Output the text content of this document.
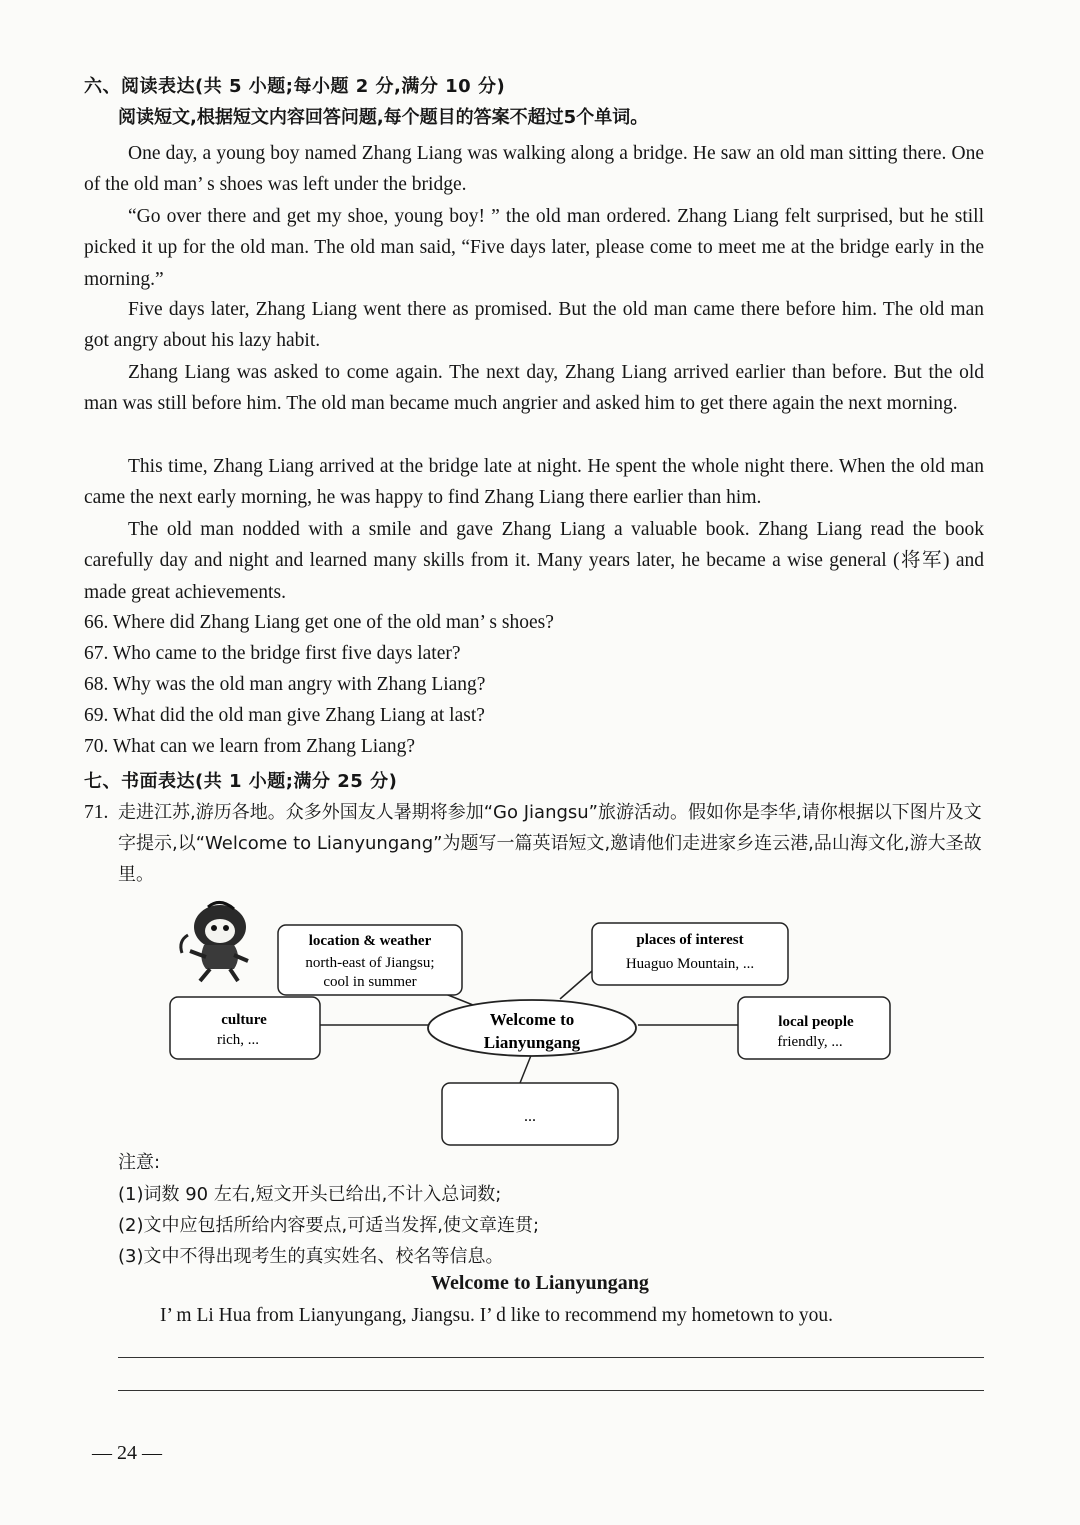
六、阅读表达(共 5 小题;每小题 2 分,满分 10 分)
阅读短文,根据短文内容回答问题,每个题目的答案不超过5个单词。

One day, a young boy named Zhang Liang was walking along a bridge. He saw an old man sitting there. One of the old man’ s shoes was left under the bridge.

“Go over there and get my shoe, young boy! ” the old man ordered. Zhang Liang felt surprised, but he still picked it up for the old man. The old man said, “Five days later, please come to meet me at the bridge early in the morning.”

Five days later, Zhang Liang went there as promised. But the old man came there before him. The old man got angry about his lazy habit.

Zhang Liang was asked to come again. The next day, Zhang Liang arrived earlier than before. But the old man was still before him. The old man became much angrier and asked him to get there again the next morning.

This time, Zhang Liang arrived at the bridge late at night. He spent the whole night there. When the old man came the next early morning, he was happy to find Zhang Liang there earlier than him.

The old man nodded with a smile and gave Zhang Liang a valuable book. Zhang Liang read the book carefully day and night and learned many skills from it. Many years later, he became a wise general (将军) and made great achievements.

66. Where did Zhang Liang get one of the old man’ s shoes?
67. Who came to the bridge first five days later?
68. Why was the old man angry with Zhang Liang?
69. What did the old man give Zhang Liang at last?
70. What can we learn from Zhang Liang?
七、书面表达(共 1 小题;满分 25 分)
71. 走进江苏,游历各地。众多外国友人暑期将参加“Go Jiangsu”旅游活动。假如你是李华,请你根据以下图片及文字提示,以“Welcome to Lianyungang”为题写一篇英语短文,邀请他们走进家乡连云港,品山海文化,游大圣故里。
location & weather
north-east of Jiangsu;
cool in summer
places of interest
Huaguo Mountain, ...
culture
rich, ...
Welcome to
Lianyungang
local people
friendly, ...
...
注意:
(1)词数 90 左右,短文开头已给出,不计入总词数;
(2)文中应包括所给内容要点,可适当发挥,使文章连贯;
(3)文中不得出现考生的真实姓名、校名等信息。
Welcome to Lianyungang
I’ m Li Hua from Lianyungang, Jiangsu. I’ d like to recommend my hometown to you.
— 24 —
